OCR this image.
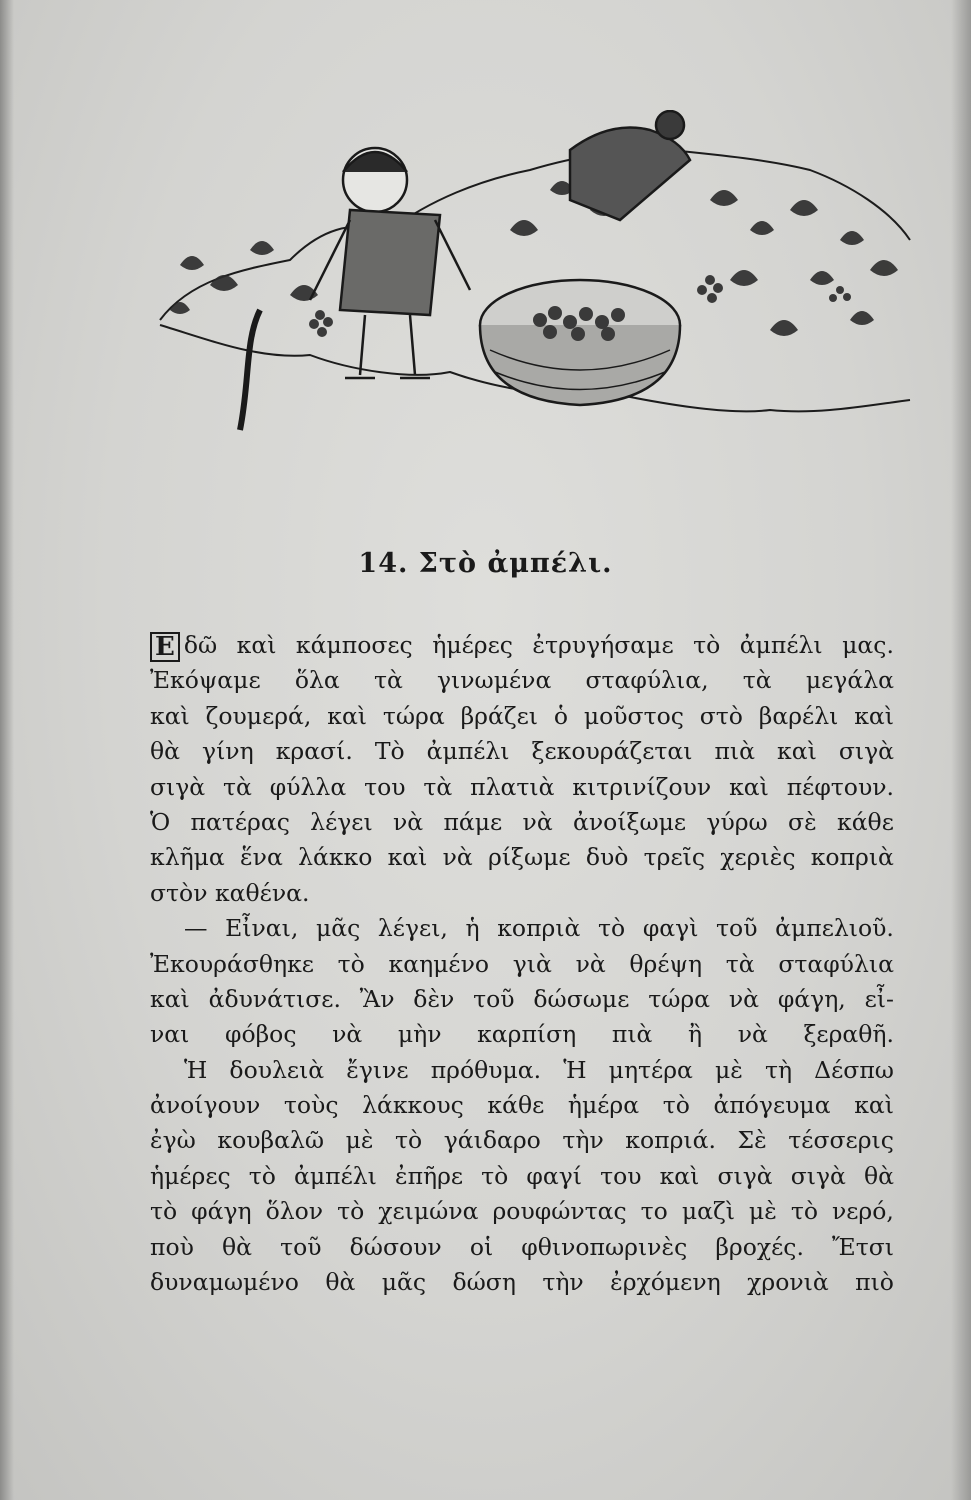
14. Στὸ ἀμπέλι.
Ε δῶ καὶ κάμποσες ἡμέρες ἐτρυγήσαμε τὸ ἀμπέλι μας.
Ἐκόψαμε ὅλα τὰ γινωμένα σταφύλια, τὰ μεγάλα
καὶ ζουμερά, καὶ τώρα βράζει ὁ μοῦστος στὸ βαρέλι καὶ
θὰ γίνη κρασί. Τὸ ἀμπέλι ξεκουράζεται πιὰ καὶ σιγὰ
σιγὰ τὰ φύλλα του τὰ πλατιὰ κιτρινίζουν καὶ πέφτουν.
Ὁ πατέρας λέγει νὰ πάμε νὰ ἀνοίξωμε γύρω σὲ κάθε
κλῆμα ἕνα λάκκο καὶ νὰ ρίξωμε δυὸ τρεῖς χεριὲς κοπριὰ
στὸν καθένα.
— Εἶναι, μᾶς λέγει, ἡ κοπριὰ τὸ φαγὶ τοῦ ἀμπελιοῦ.
Ἐκουράσθηκε τὸ καημένο γιὰ νὰ θρέψη τὰ σταφύλια
καὶ ἀδυνάτισε. Ἂν δὲν τοῦ δώσωμε τώρα νὰ φάγη, εἶ-
ναι φόβος νὰ μὴν καρπίση πιὰ ἢ νὰ ξεραθῆ.
Ἡ δουλειὰ ἔγινε πρόθυμα. Ἡ μητέρα μὲ τὴ Δέσπω
ἀνοίγουν τοὺς λάκκους κάθε ἡμέρα τὸ ἀπόγευμα καὶ
ἐγὼ κουβαλῶ μὲ τὸ γάιδαρο τὴν κοπριά. Σὲ τέσσερις
ἡμέρες τὸ ἀμπέλι ἐπῆρε τὸ φαγί του καὶ σιγὰ σιγὰ θὰ
τὸ φάγη ὅλον τὸ χειμώνα ρουφώντας το μαζὶ μὲ τὸ νερό,
ποὺ θὰ τοῦ δώσουν οἱ φθινοπωρινὲς βροχές. Ἔτσι
δυναμωμένο θὰ μᾶς δώση τὴν ἐρχόμενη χρονιὰ πιὸ
